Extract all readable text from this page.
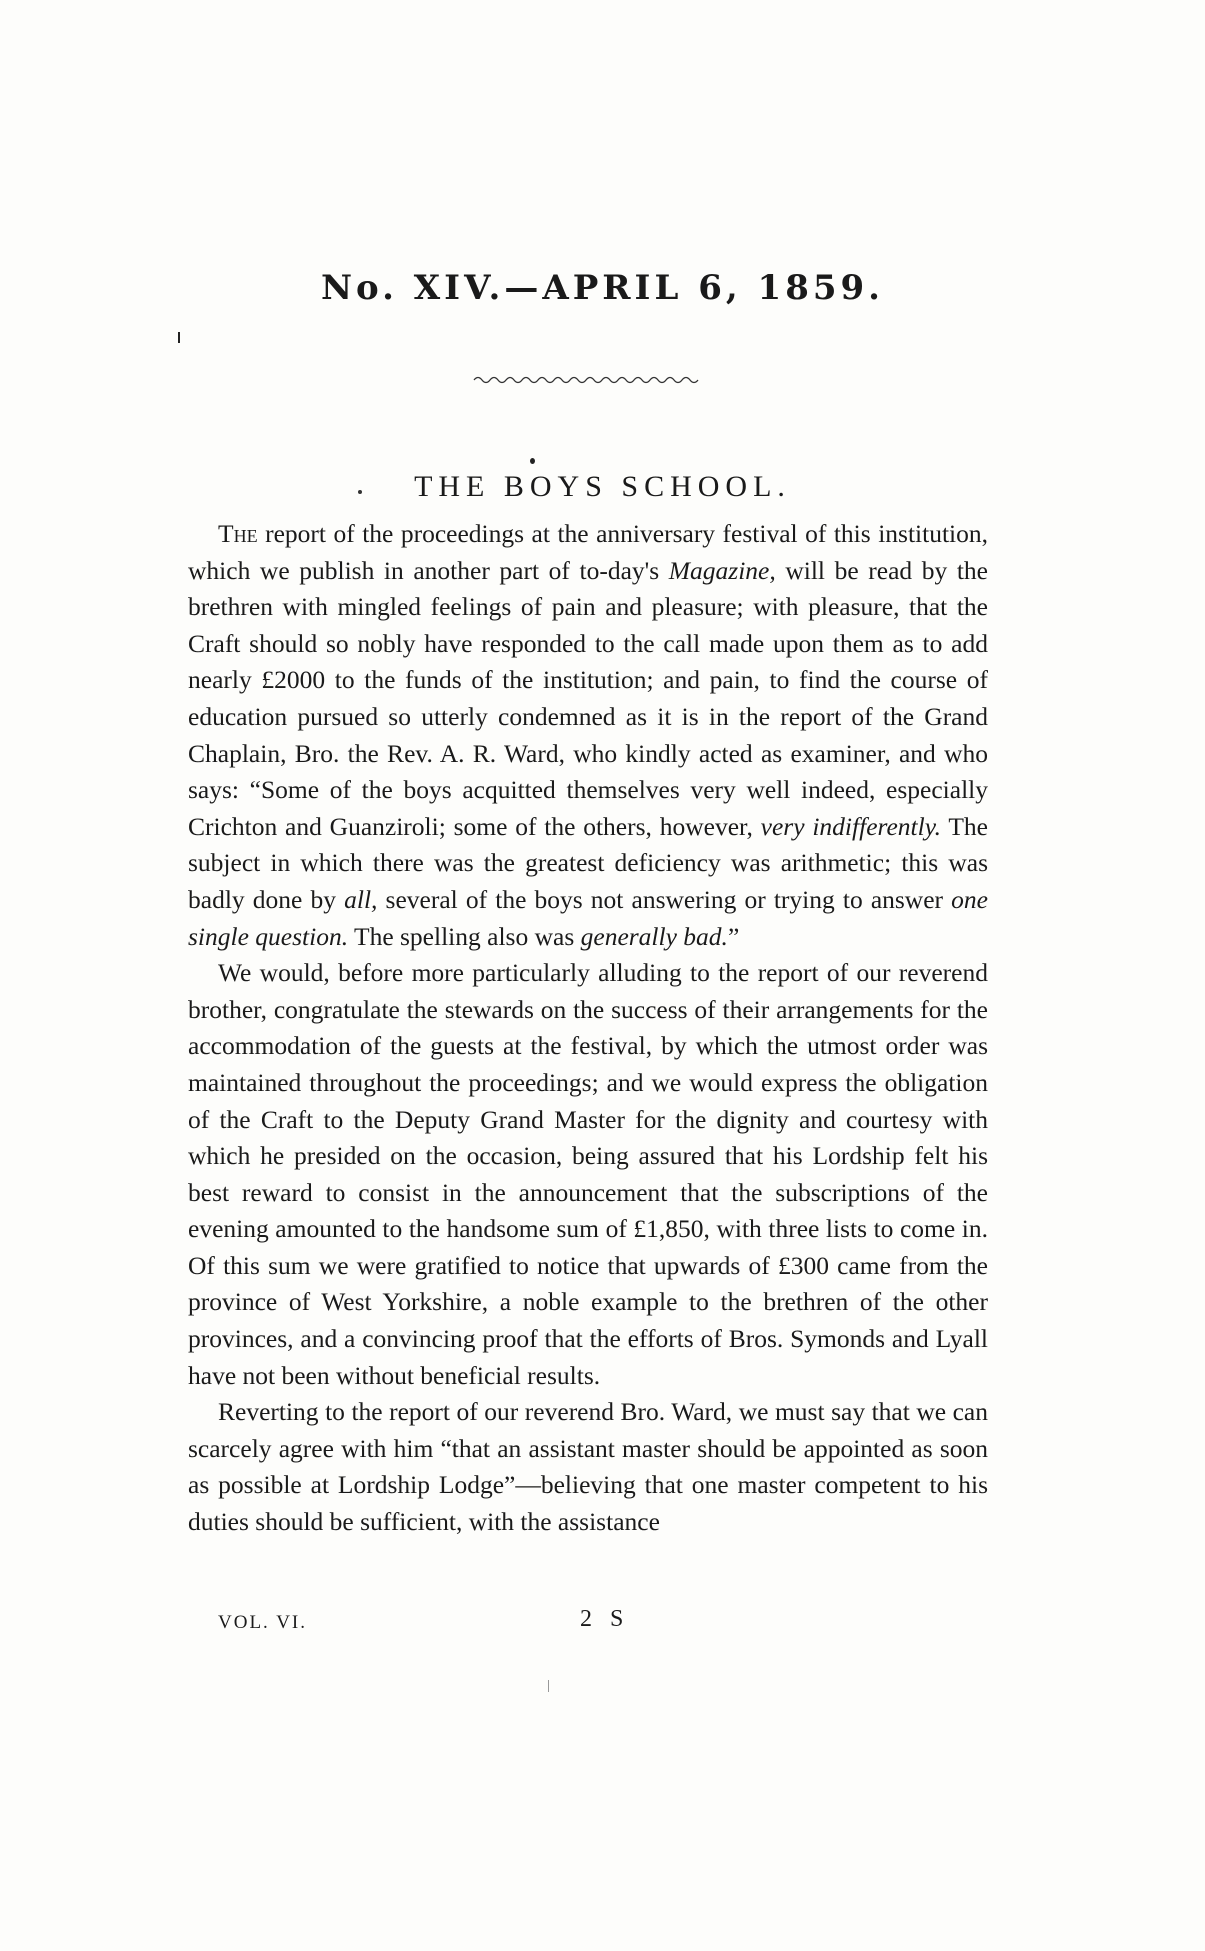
No. XIV.—APRIL 6, 1859.
THE BOYS SCHOOL.

The report of the proceedings at the anniversary festival of this institution, which we publish in another part of to-day's Magazine, will be read by the brethren with mingled feelings of pain and pleasure; with pleasure, that the Craft should so nobly have responded to the call made upon them as to add nearly £2000 to the funds of the institution; and pain, to find the course of education pursued so utterly condemned as it is in the report of the Grand Chaplain, Bro. the Rev. A. R. Ward, who kindly acted as examiner, and who says: “Some of the boys acquitted themselves very well indeed, especially Crichton and Guanziroli; some of the others, however, very indifferently. The subject in which there was the greatest deficiency was arithmetic; this was badly done by all, several of the boys not answering or trying to answer one single question. The spelling also was generally bad.”

We would, before more particularly alluding to the report of our reverend brother, congratulate the stewards on the success of their arrangements for the accommodation of the guests at the festival, by which the utmost order was maintained throughout the proceedings; and we would express the obligation of the Craft to the Deputy Grand Master for the dignity and courtesy with which he presided on the occasion, being assured that his Lordship felt his best reward to consist in the announcement that the subscriptions of the evening amounted to the handsome sum of £1,850, with three lists to come in. Of this sum we were gratified to notice that upwards of £300 came from the province of West Yorkshire, a noble example to the brethren of the other provinces, and a convincing proof that the efforts of Bros. Symonds and Lyall have not been without beneficial results.

Reverting to the report of our reverend Bro. Ward, we must say that we can scarcely agree with him “that an assistant master should be appointed as soon as possible at Lordship Lodge”—believing that one master competent to his duties should be sufficient, with the assistance

VOL. VI.	2 S
